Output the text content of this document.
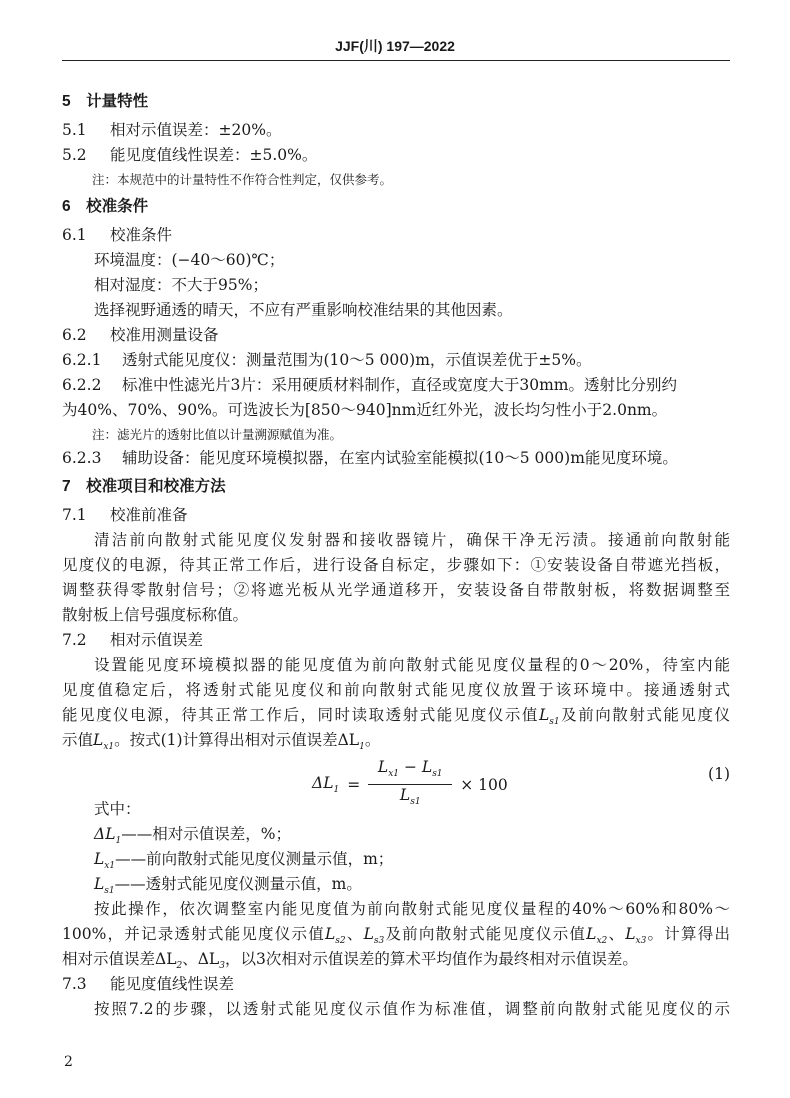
JJF(川) 197—2022
5　计量特性
5.1 相对示值误差：±20%。
5.2 能见度值线性误差：±5.0%。
注：本规范中的计量特性不作符合性判定，仅供参考。
6　校准条件
6.1 校准条件
环境温度：(−40～60)℃；
相对湿度：不大于95%；
选择视野通透的晴天，不应有严重影响校准结果的其他因素。
6.2 校准用测量设备
6.2.1 透射式能见度仪：测量范围为(10～5 000)m，示值误差优于±5%。
6.2.2 标准中性滤光片3片：采用硬质材料制作，直径或宽度大于30mm。透射比分别约
为40%、70%、90%。可选波长为[850～940]nm近红外光，波长均匀性小于2.0nm。
注：滤光片的透射比值以计量溯源赋值为准。
6.2.3 辅助设备：能见度环境模拟器，在室内试验室能模拟(10～5 000)m能见度环境。
7　校准项目和校准方法
7.1 校准前准备
清洁前向散射式能见度仪发射器和接收器镜片，确保干净无污渍。接通前向散射能
见度仪的电源，待其正常工作后，进行设备自标定，步骤如下：①安装设备自带遮光挡板，
调整获得零散射信号；②将遮光板从光学通道移开，安装设备自带散射板，将数据调整至
散射板上信号强度标称值。
7.2 相对示值误差
设置能见度环境模拟器的能见度值为前向散射式能见度仪量程的0～20%，待室内能
见度值稳定后，将透射式能见度仪和前向散射式能见度仪放置于该环境中。接通透射式
能见度仪电源，待其正常工作后，同时读取透射式能见度仪示值$L_{s1}$及前向散射式能见度仪
示值$L_{x1}$。按式(1)计算得出相对示值误差$\Delta L_1$。
$\Delta L_1 = \frac{L_{x1} - L_{s1}}{L_{s1}} \times 100$
(1)
式中：
$\Delta L_1——$相对示值误差，%；
$L_{x1}——$前向散射式能见度仪测量示值，m；
$L_{s1}——$透射式能见度仪测量示值，m。
按此操作，依次调整室内能见度值为前向散射式能见度仪量程的40%～60%和80%～
100%，并记录透射式能见度仪示值$L_{s2}$、$L_{s3}$及前向散射式能见度仪示值$L_{x2}$、$L_{x3}$。计算得出
相对示值误差$\Delta L_2$、$\Delta L_3$，以3次相对示值误差的算术平均值作为最终相对示值误差。
7.3 能见度值线性误差
按照7.2的步骤，以透射式能见度仪示值作为标准值，调整前向散射式能见度仪的示
2
